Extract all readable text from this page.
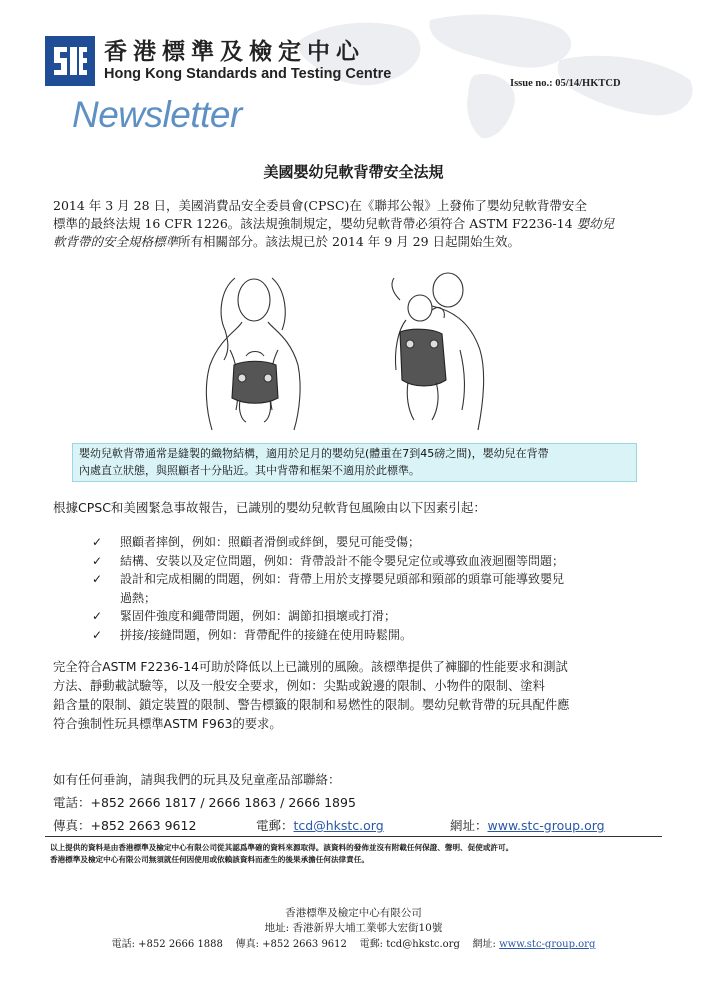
香港標準及檢定中心
Hong Kong Standards and Testing Centre
Issue no.: 05/14/HKTCD
Newsletter
美國嬰幼兒軟背帶安全法規
2014 年 3 月 28 日，美國消費品安全委員會(CPSC)在《聯邦公報》上發佈了嬰幼兒軟背帶安全
標準的最終法規 16 CFR 1226。該法規強制規定，嬰幼兒軟背帶必須符合 ASTM F2236-14 嬰幼兒
軟背帶的安全規格標準所有相關部分。該法規已於 2014 年 9 月 29 日起開始生效。
嬰幼兒軟背帶通常是縫製的織物結構，適用於足月的嬰幼兒(體重在7到45磅之間)，嬰幼兒在背帶
內處直立狀態，與照顧者十分貼近。其中背帶和框架不適用於此標準。
根據CPSC和美國緊急事故報告，已識別的嬰幼兒軟背包風險由以下因素引起：
✓ 照顧者摔倒，例如：照顧者滑倒或絆倒，嬰兒可能受傷；
✓ 結構、安裝以及定位問題，例如：背帶設計不能令嬰兒定位或導致血液迴圈等問題；
✓ 設計和完成相關的問題，例如：背帶上用於支撐嬰兒頭部和頸部的頭靠可能導致嬰兒
過熱；
✓ 緊固件強度和繩帶問題，例如：調節扣損壞或打滑；
✓ 拼接/接縫問題，例如：背帶配件的接縫在使用時鬆開。
完全符合ASTM F2236-14可助於降低以上已識別的風險。該標準提供了褲腳的性能要求和測試
方法、靜動載試驗等，以及一般安全要求，例如：尖點或銳邊的限制、小物件的限制、塗料
鉛含量的限制、鎖定裝置的限制、警告標籤的限制和易燃性的限制。嬰幼兒軟背帶的玩具配件應
符合強制性玩具標準ASTM F963的要求。
如有任何垂詢，請與我們的玩具及兒童產品部聯絡：
電話：+852 2666 1817 / 2666 1863 / 2666 1895
傳真：+852 2663 9612	電郵：tcd@hkstc.org	網址：www.stc-group.org
以上提供的資料是由香港標準及檢定中心有限公司從其認爲準確的資料來源取得。該資料的發佈並沒有附載任何保證、聲明、促使或許可。
香港標準及檢定中心有限公司無須就任何因使用或依賴該資料而產生的後果承擔任何法律責任。
香港標準及檢定中心有限公司
地址: 香港新界大埔工業邨大宏街10號
電話: +852 2666 1888 傳真: +852 2663 9612 電郵: tcd@hkstc.org 網址: www.stc-group.org
